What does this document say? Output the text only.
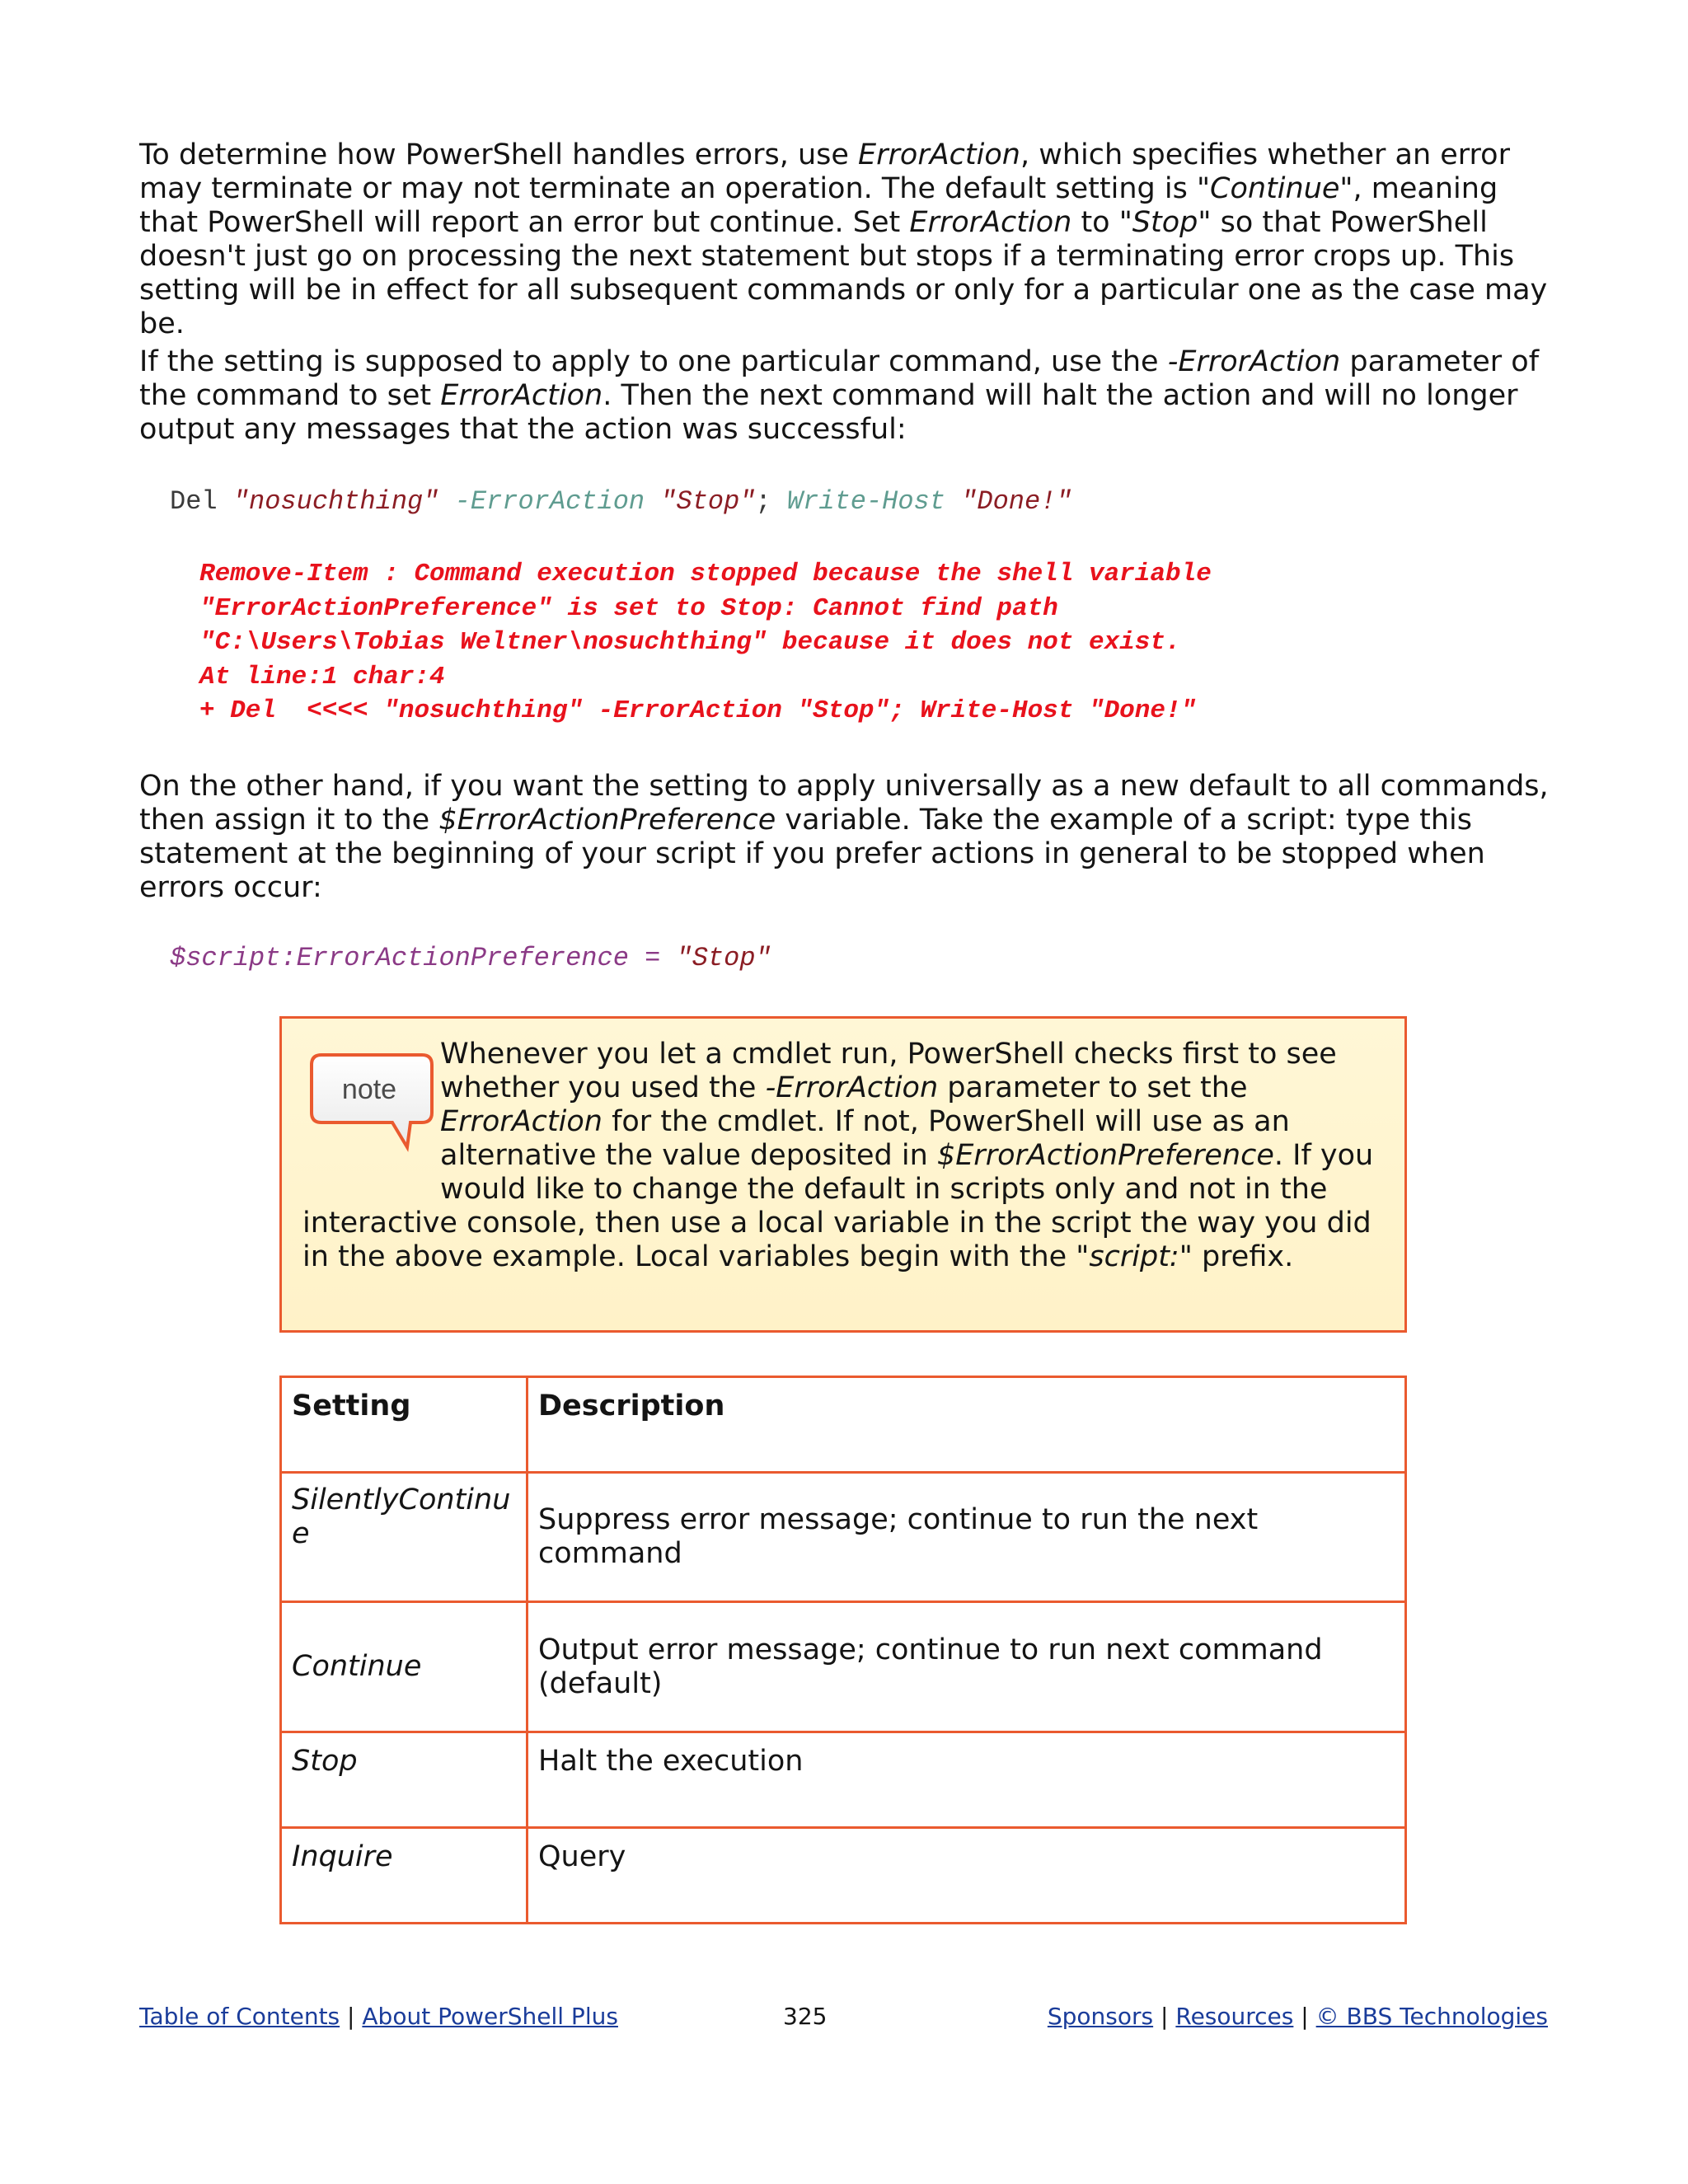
To determine how PowerShell handles errors, use ErrorAction, which specifies whether an error may terminate or may not terminate an operation. The default setting is "Continue", meaning that PowerShell will report an error but continue. Set ErrorAction to "Stop" so that PowerShell doesn't just go on processing the next statement but stops if a terminating error crops up. This setting will be in effect for all subsequent commands or only for a particular one as the case may be.

If the setting is supposed to apply to one particular command, use the -ErrorAction parameter of the command to set ErrorAction. Then the next command will halt the action and will no longer output any messages that the action was successful:

Del "nosuchthing" -ErrorAction "Stop"; Write-Host "Done!"
Remove-Item : Command execution stopped because the shell variable
"ErrorActionPreference" is set to Stop: Cannot find path
"C:\Users\Tobias Weltner\nosuchthing" because it does not exist.
At line:1 char:4
+ Del  <<<< "nosuchthing" -ErrorAction "Stop"; Write-Host "Done!"

On the other hand, if you want the setting to apply universally as a new default to all commands, then assign it to the $ErrorActionPreference variable. Take the example of a script: type this statement at the beginning of your script if you prefer actions in general to be stopped when errors occur:

$script:ErrorActionPreference = "Stop"
note

Whenever you let a cmdlet run, PowerShell checks first to see whether you used the -ErrorAction parameter to set the ErrorAction for the cmdlet. If not, PowerShell will use as an alternative the value deposited in $ErrorActionPreference. If you would like to change the default in scripts only and not in the interactive console, then use a local variable in the script the way you did in the above example. Local variables begin with the "script:" prefix.

Setting	Description
SilentlyContinu e	Suppress error message; continue to run the next command
Continue	Output error message; continue to run next command (default)
Stop	Halt the execution
Inquire	Query
Table of Contents | About PowerShell Plus	325	Sponsors | Resources | © BBS Technologies
